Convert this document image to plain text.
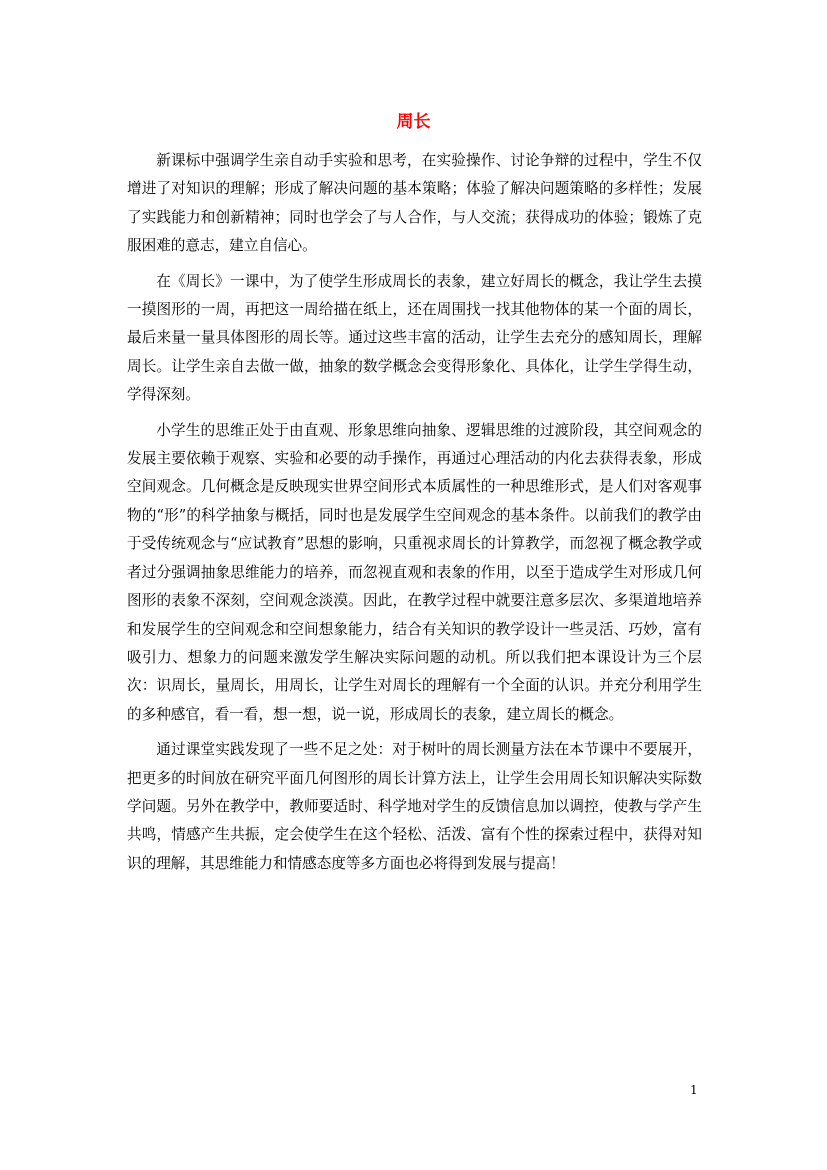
周长

新课标中强调学生亲自动手实验和思考，在实验操作、讨论争辩的过程中，学生不仅增进了对知识的理解；形成了解决问题的基本策略；体验了解决问题策略的多样性；发展了实践能力和创新精神；同时也学会了与人合作，与人交流；获得成功的体验；锻炼了克服困难的意志，建立自信心。

在《周长》一课中，为了使学生形成周长的表象，建立好周长的概念，我让学生去摸一摸图形的一周，再把这一周给描在纸上，还在周围找一找其他物体的某一个面的周长，最后来量一量具体图形的周长等。通过这些丰富的活动，让学生去充分的感知周长，理解周长。让学生亲自去做一做，抽象的数学概念会变得形象化、具体化，让学生学得生动，学得深刻。

小学生的思维正处于由直观、形象思维向抽象、逻辑思维的过渡阶段，其空间观念的发展主要依赖于观察、实验和必要的动手操作，再通过心理活动的内化去获得表象，形成空间观念。几何概念是反映现实世界空间形式本质属性的一种思维形式，是人们对客观事物的“形”的科学抽象与概括，同时也是发展学生空间观念的基本条件。以前我们的教学由于受传统观念与“应试教育”思想的影响，只重视求周长的计算教学，而忽视了概念教学或者过分强调抽象思维能力的培养，而忽视直观和表象的作用，以至于造成学生对形成几何图形的表象不深刻，空间观念淡漠。因此，在教学过程中就要注意多层次、多渠道地培养和发展学生的空间观念和空间想象能力，结合有关知识的教学设计一些灵活、巧妙，富有吸引力、想象力的问题来激发学生解决实际问题的动机。所以我们把本课设计为三个层次：识周长，量周长，用周长，让学生对周长的理解有一个全面的认识。并充分利用学生的多种感官，看一看，想一想，说一说，形成周长的表象，建立周长的概念。

通过课堂实践发现了一些不足之处：对于树叶的周长测量方法在本节课中不要展开，把更多的时间放在研究平面几何图形的周长计算方法上，让学生会用周长知识解决实际数学问题。另外在教学中，教师要适时、科学地对学生的反馈信息加以调控，使教与学产生共鸣，情感产生共振，定会使学生在这个轻松、活泼、富有个性的探索过程中，获得对知识的理解，其思维能力和情感态度等多方面也必将得到发展与提高！

1
